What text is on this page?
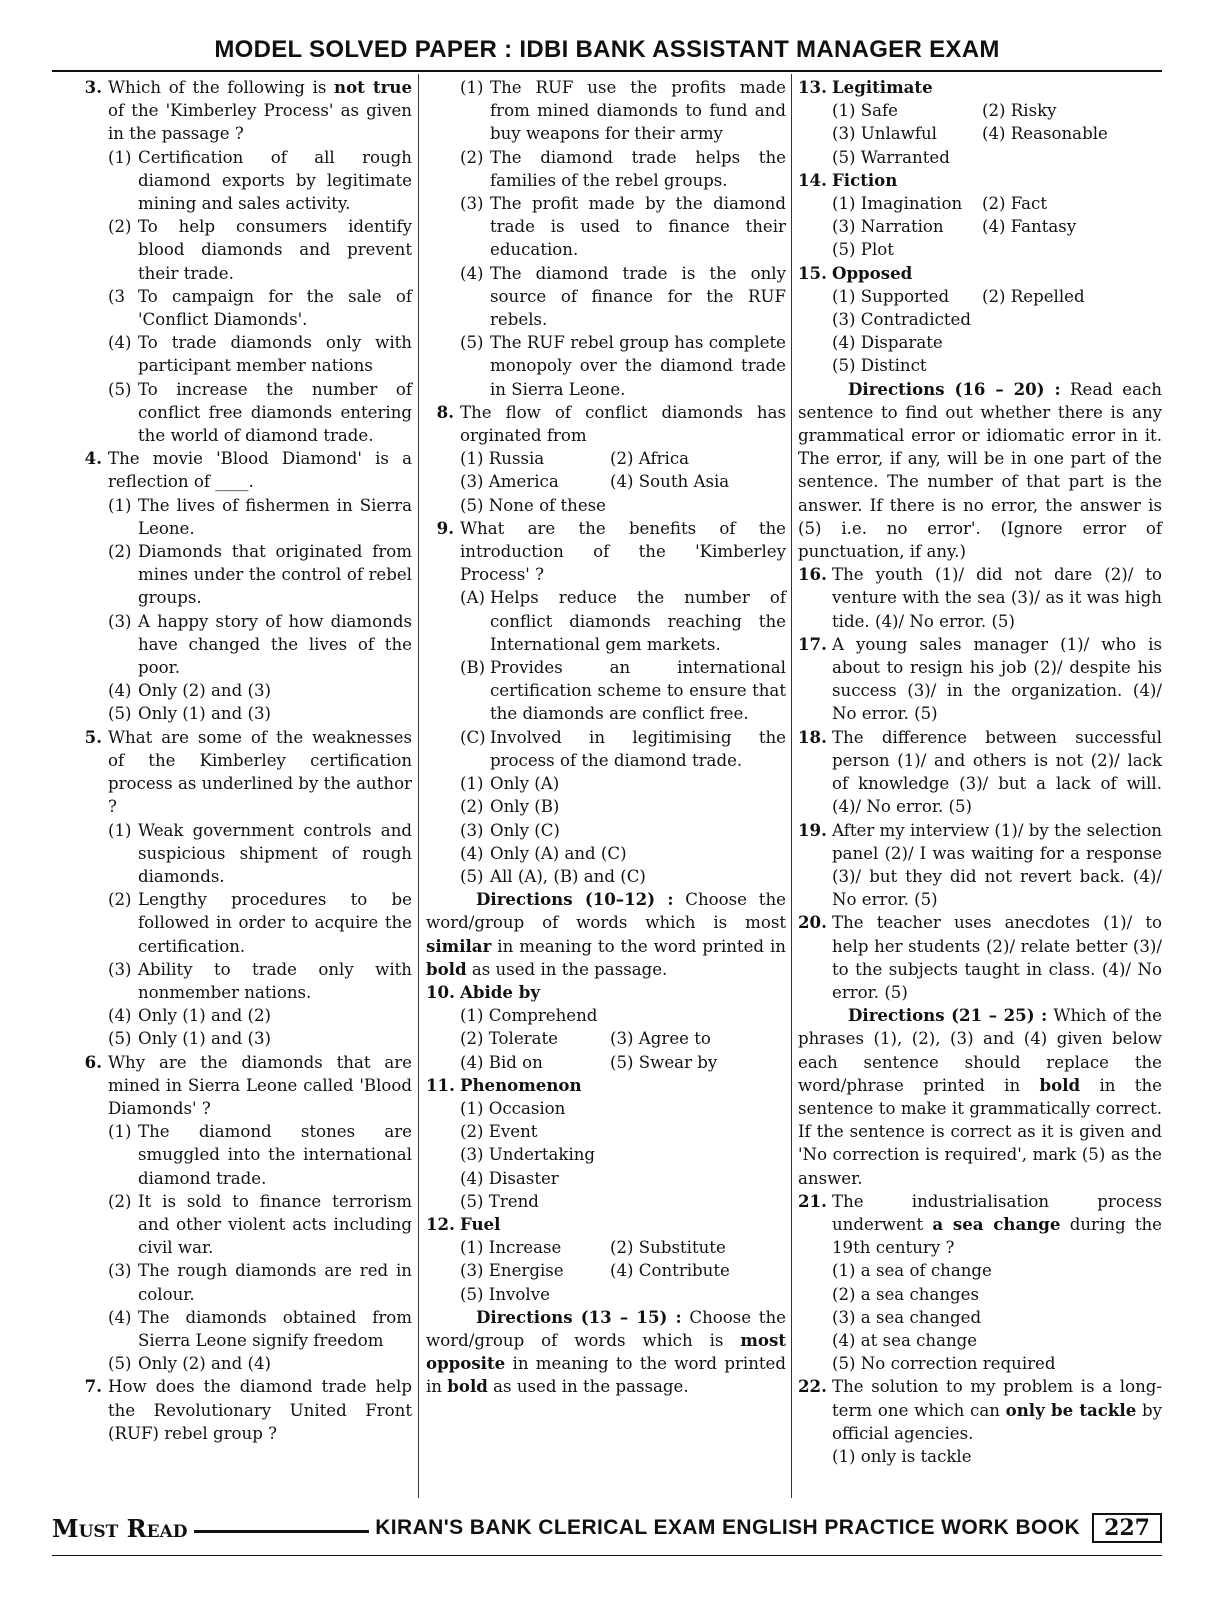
MODEL SOLVED PAPER : IDBI BANK ASSISTANT MANAGER EXAM
3. Which of the following is not true of the 'Kimberley Process' as given in the passage ?
(1) Certification of all rough diamond exports by legitimate mining and sales activity.
(2) To help consumers identify blood diamonds and prevent their trade.
(3 To campaign for the sale of 'Conflict Diamonds'.
(4) To trade diamonds only with participant member nations
(5) To increase the number of conflict free diamonds entering the world of diamond trade.
4. The movie 'Blood Diamond' is a reflection of ____.
(1) The lives of fishermen in Sierra Leone.
(2) Diamonds that originated from mines under the control of rebel groups.
(3) A happy story of how diamonds have changed the lives of the poor.
(4) Only (2) and (3)
(5) Only (1) and (3)
5. What are some of the weaknesses of the Kimberley certification process as underlined by the author ?
(1) Weak government controls and suspicious shipment of rough diamonds.
(2) Lengthy procedures to be followed in order to acquire the certification.
(3) Ability to trade only with nonmember nations.
(4) Only (1) and (2)
(5) Only (1) and (3)
6. Why are the diamonds that are mined in Sierra Leone called 'Blood Diamonds' ?
(1) The diamond stones are smuggled into the international diamond trade.
(2) It is sold to finance terrorism and other violent acts including civil war.
(3) The rough diamonds are red in colour.
(4) The diamonds obtained from Sierra Leone signify freedom
(5) Only (2) and (4)
7. How does the diamond trade help the Revolutionary United Front (RUF) rebel group ?
(1) The RUF use the profits made from mined diamonds to fund and buy weapons for their army
(2) The diamond trade helps the families of the rebel groups.
(3) The profit made by the diamond trade is used to finance their education.
(4) The diamond trade is the only source of finance for the RUF rebels.
(5) The RUF rebel group has complete monopoly over the diamond trade in Sierra Leone.
8. The flow of conflict diamonds has orginated from
(1) Russia	(2) Africa
(3) America	(4) South Asia
(5) None of these
9. What are the benefits of the introduction of the 'Kimberley Process' ?
(A) Helps reduce the number of conflict diamonds reaching the International gem markets.
(B) Provides an international certification scheme to ensure that the diamonds are conflict free.
(C) Involved in legitimising the process of the diamond trade.
(1) Only (A)
(2) Only (B)
(3) Only (C)
(4) Only (A) and (C)
(5) All (A), (B) and (C)
Directions (10–12) : Choose the word/group of words which is most similar in meaning to the word printed in bold as used in the passage.
10. Abide by
(1) Comprehend
(2) Tolerate	(3) Agree to
(4) Bid on	(5) Swear by
11. Phenomenon
(1) Occasion
(2) Event
(3) Undertaking
(4) Disaster
(5) Trend
12. Fuel
(1) Increase	(2) Substitute
(3) Energise	(4) Contribute
(5) Involve
Directions (13 – 15) : Choose the word/group of words which is most opposite in meaning to the word printed in bold as used in the passage.
13. Legitimate
(1) Safe	(2) Risky
(3) Unlawful	(4) Reasonable
(5) Warranted
14. Fiction
(1) Imagination	(2) Fact
(3) Narration	(4) Fantasy
(5) Plot
15. Opposed
(1) Supported	(2) Repelled
(3) Contradicted
(4) Disparate
(5) Distinct
Directions (16 – 20) : Read each sentence to find out whether there is any grammatical error or idiomatic error in it. The error, if any, will be in one part of the sentence. The number of that part is the answer. If there is no error, the answer is (5) i.e. no error'. (Ignore error of punctuation, if any.)
16. The youth (1)/ did not dare (2)/ to venture with the sea (3)/ as it was high tide. (4)/ No error. (5)
17. A young sales manager (1)/ who is about to resign his job (2)/ despite his success (3)/ in the organization. (4)/ No error. (5)
18. The difference between successful person (1)/ and others is not (2)/ lack of knowledge (3)/ but a lack of will. (4)/ No error. (5)
19. After my interview (1)/ by the selection panel (2)/ I was waiting for a response (3)/ but they did not revert back. (4)/ No error. (5)
20. The teacher uses anecdotes (1)/ to help her students (2)/ relate better (3)/ to the subjects taught in class. (4)/ No error. (5)
Directions (21 – 25) : Which of the phrases (1), (2), (3) and (4) given below each sentence should replace the word/phrase printed in bold in the sentence to make it grammatically correct. If the sentence is correct as it is given and 'No correction is required', mark (5) as the answer.
21. The industrialisation process underwent a sea change during the 19th century ?
(1) a sea of change
(2) a sea changes
(3) a sea changed
(4) at sea change
(5) No correction required
22. The solution to my problem is a long-term one which can only be tackle by official agencies.
(1) only is tackle
Must Read	KIRAN'S BANK CLERICAL EXAM ENGLISH PRACTICE WORK BOOK	227
